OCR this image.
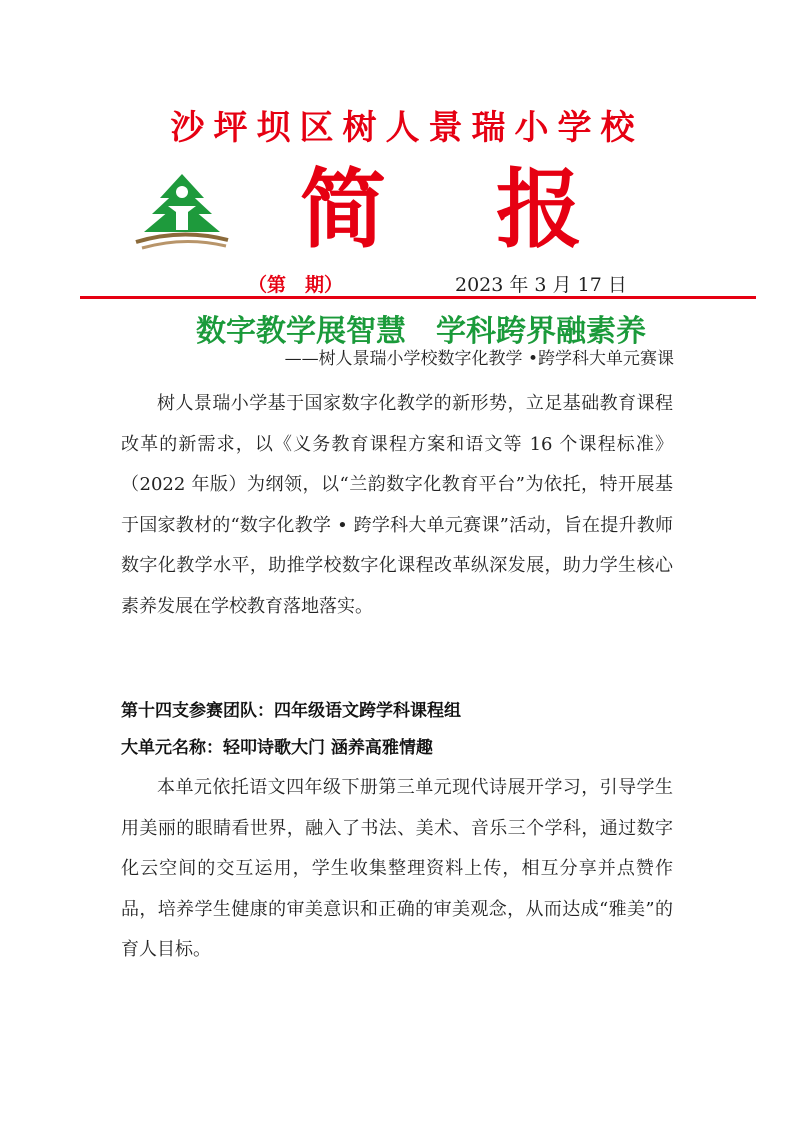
沙坪坝区树人景瑞小学校
简 报
（第　期）	2023 年 3 月 17 日
数字教学展智慧　学科跨界融素养
——树人景瑞小学校数字化教学 •跨学科大单元赛课

树人景瑞小学基于国家数字化教学的新形势，立足基础教育课程改革的新需求，以《义务教育课程方案和语文等 16 个课程标准》（2022 年版）为纲领，以“兰韵数字化教育平台”为依托，特开展基于国家教材的“数字化教学 • 跨学科大单元赛课”活动，旨在提升教师数字化教学水平，助推学校数字化课程改革纵深发展，助力学生核心素养发展在学校教育落地落实。

第十四支参赛团队：四年级语文跨学科课程组
大单元名称：轻叩诗歌大门 涵养高雅情趣

本单元依托语文四年级下册第三单元现代诗展开学习，引导学生用美丽的眼睛看世界，融入了书法、美术、音乐三个学科，通过数字化云空间的交互运用，学生收集整理资料上传，相互分享并点赞作品，培养学生健康的审美意识和正确的审美观念，从而达成“雅美”的育人目标。
